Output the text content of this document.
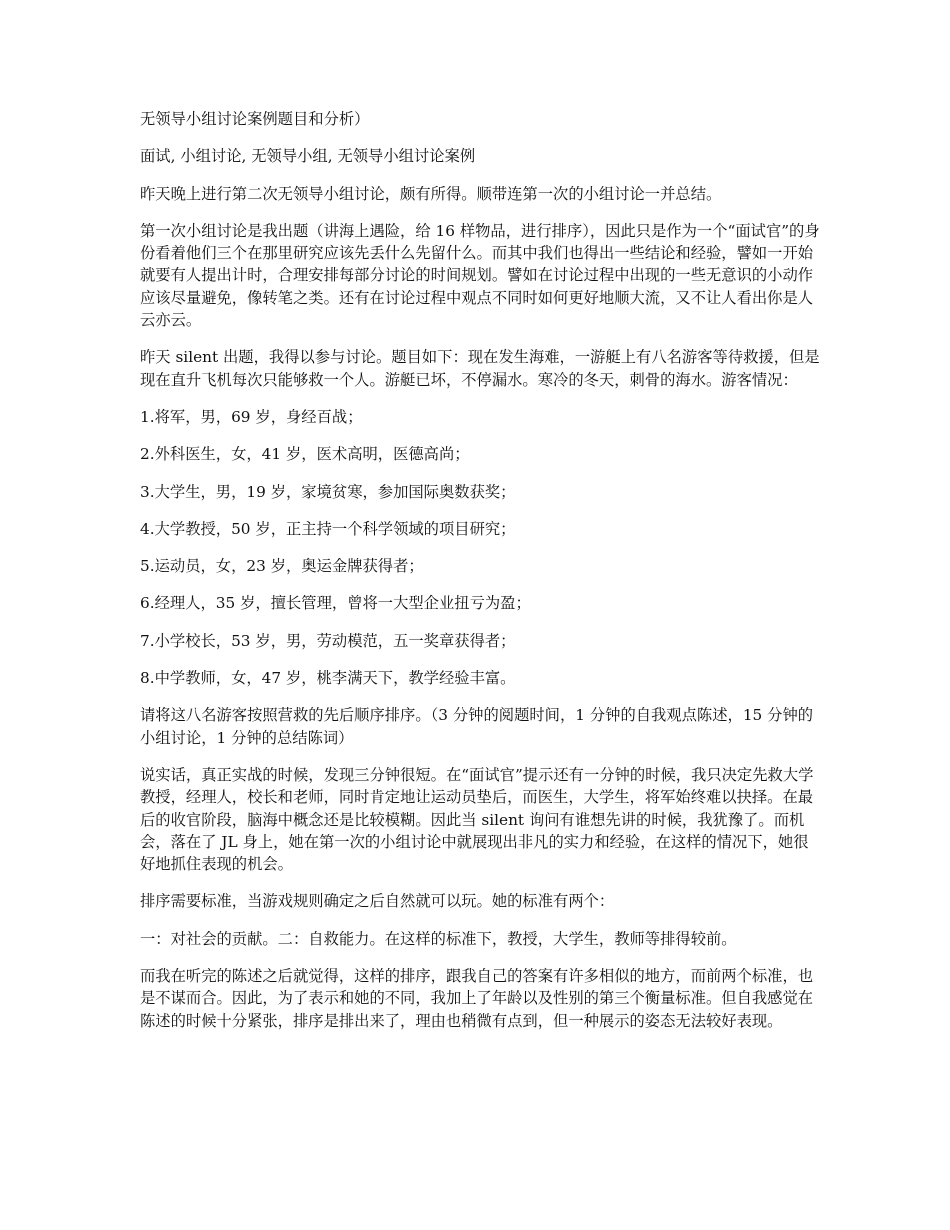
无领导小组讨论案例题目和分析）

面试, 小组讨论, 无领导小组, 无领导小组讨论案例

昨天晚上进行第二次无领导小组讨论，颇有所得。顺带连第一次的小组讨论一并总结。

第一次小组讨论是我出题（讲海上遇险，给 16 样物品，进行排序），因此只是作为一个“面试官”的身份看着他们三个在那里研究应该先丢什么先留什么。而其中我们也得出一些结论和经验，譬如一开始就要有人提出计时，合理安排每部分讨论的时间规划。譬如在讨论过程中出现的一些无意识的小动作应该尽量避免，像转笔之类。还有在讨论过程中观点不同时如何更好地顺大流，又不让人看出你是人云亦云。

昨天 silent 出题，我得以参与讨论。题目如下：现在发生海难，一游艇上有八名游客等待救援，但是现在直升飞机每次只能够救一个人。游艇已坏，不停漏水。寒冷的冬天，刺骨的海水。游客情况：

1.将军，男，69 岁，身经百战；

2.外科医生，女，41 岁，医术高明，医德高尚；

3.大学生，男，19 岁，家境贫寒，参加国际奥数获奖；

4.大学教授，50 岁，正主持一个科学领域的项目研究；

5.运动员，女，23 岁，奥运金牌获得者；

6.经理人，35 岁，擅长管理，曾将一大型企业扭亏为盈；

7.小学校长，53 岁，男，劳动模范，五一奖章获得者；

8.中学教师，女，47 岁，桃李满天下，教学经验丰富。

请将这八名游客按照营救的先后顺序排序。（3 分钟的阅题时间，1 分钟的自我观点陈述，15 分钟的小组讨论，1 分钟的总结陈词）

说实话，真正实战的时候，发现三分钟很短。在“面试官”提示还有一分钟的时候，我只决定先救大学教授，经理人，校长和老师，同时肯定地让运动员垫后，而医生，大学生，将军始终难以抉择。在最后的收官阶段，脑海中概念还是比较模糊。因此当 silent 询问有谁想先讲的时候，我犹豫了。而机会，落在了 JL 身上，她在第一次的小组讨论中就展现出非凡的实力和经验，在这样的情况下，她很好地抓住表现的机会。

排序需要标准，当游戏规则确定之后自然就可以玩。她的标准有两个：

一：对社会的贡献。二：自救能力。在这样的标准下，教授，大学生，教师等排得较前。

而我在听完的陈述之后就觉得，这样的排序，跟我自己的答案有许多相似的地方，而前两个标准，也是不谋而合。因此，为了表示和她的不同，我加上了年龄以及性别的第三个衡量标准。但自我感觉在陈述的时候十分紧张，排序是排出来了，理由也稍微有点到，但一种展示的姿态无法较好表现。
